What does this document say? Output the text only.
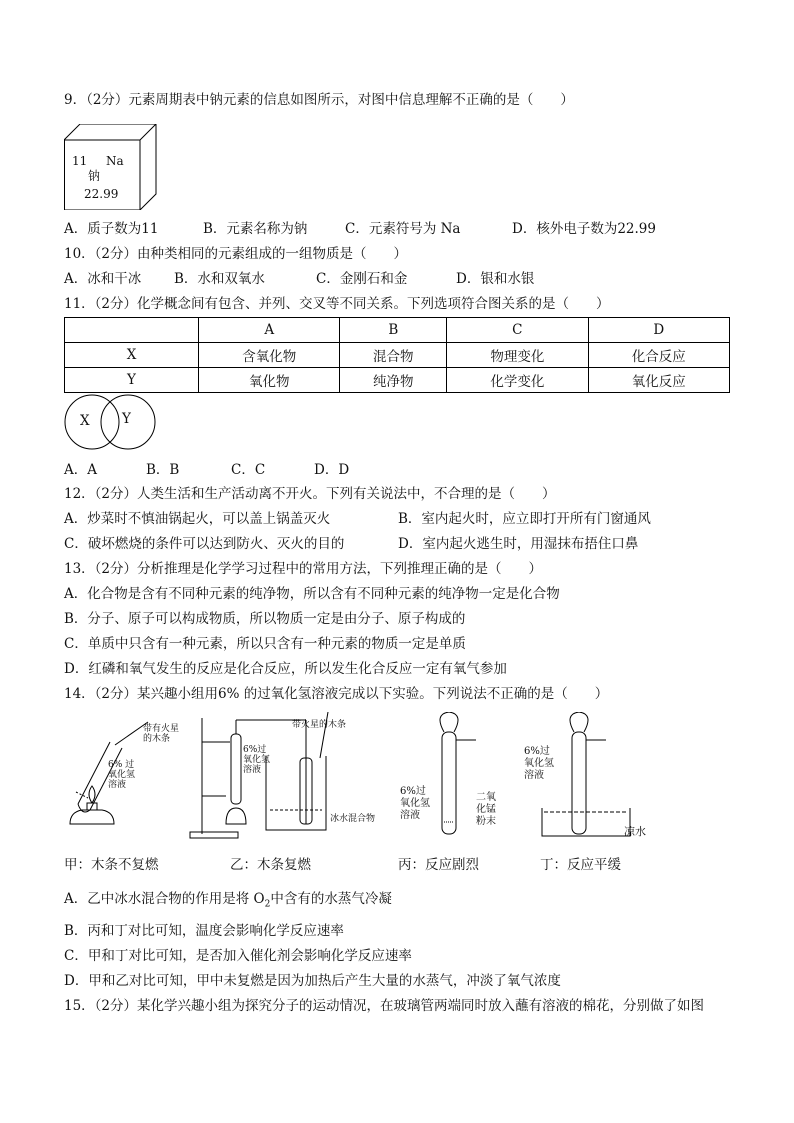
9．（2分）元素周期表中钠元素的信息如图所示，对图中信息理解不正确的是（　　）
11 Na
钠
22.99
A．质子数为11	B．元素名称为钠	C．元素符号为 Na	D．核外电子数为22.99
10．（2分）由种类相同的元素组成的一组物质是（　　）
A．冰和干冰 B．水和双氧水	C．金刚石和金	D．银和水银
11．（2分）化学概念间有包含、并列、交叉等不同关系。下列选项符合图关系的是（　　）
	A	B	C	D
X	含氧化物	混合物	物理变化	化合反应
Y	氧化物	纯净物	化学变化	氧化反应
X Y
A．A	B．B	C．C	D．D
12．（2分）人类生活和生产活动离不开火。下列有关说法中，不合理的是（　　）
A．炒菜时不慎油锅起火，可以盖上锅盖灭火	B．室内起火时，应立即打开所有门窗通风
C．破坏燃烧的条件可以达到防火、灭火的目的	D．室内起火逃生时，用湿抹布捂住口鼻
13．（2分）分析推理是化学学习过程中的常用方法，下列推理正确的是（　　）
A．化合物是含有不同种元素的纯净物，所以含有不同种元素的纯净物一定是化合物
B．分子、原子可以构成物质，所以物质一定是由分子、原子构成的
C．单质中只含有一种元素，所以只含有一种元素的物质一定是单质
D．红磷和氧气发生的反应是化合反应，所以发生化合反应一定有氧气参加
14．（2分）某兴趣小组用6% 的过氧化氢溶液完成以下实验。下列说法不正确的是（　　）
带有火星
的木条
6% 过
氧化氢
溶液
6%过
氧化氢
溶液
带火星的木条
冰水混合物
6%过
氧化氢
溶液
二氧
化锰
粉末
6%过
氧化氢
溶液
凉水
甲：木条不复燃	乙：木条复燃	丙：反应剧烈	丁：反应平缓
A．乙中冰水混合物的作用是将 $O_2$中含有的水蒸气冷凝
B．丙和丁对比可知，温度会影响化学反应速率
C．甲和丁对比可知，是否加入催化剂会影响化学反应速率
D．甲和乙对比可知，甲中未复燃是因为加热后产生大量的水蒸气，冲淡了氧气浓度
15．（2分）某化学兴趣小组为探究分子的运动情况，在玻璃管两端同时放入蘸有溶液的棉花，分别做了如图
